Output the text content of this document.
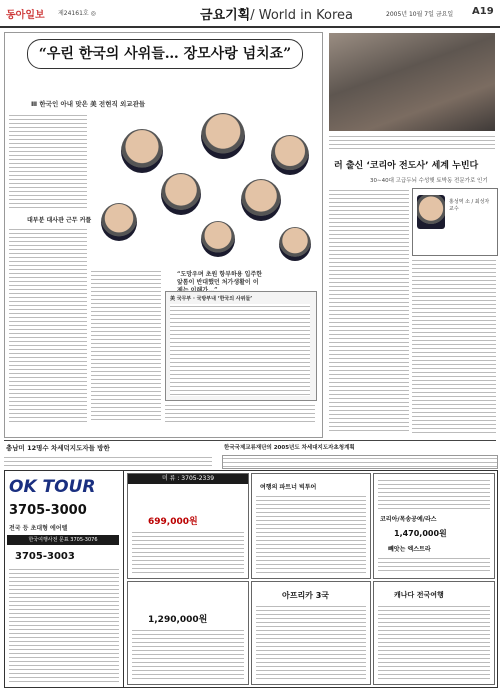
동아일보 제24161호 ◎	금요기획/ World in Korea	2005년 10월 7일 금요일 A19
“우린 한국의 사위들… 장모사랑 넘치죠”
Ⅲ 한국인 아내 맞은 美 전현직 외교관들
대부분 대사관 근무 커플
“도망우며 초원 항부하용 입주한 앞톰이 반대했던 처가생활이 이
美 국무부 · 국방부내 ‘한국의 사위들’
러 출신 ‘코리아 전도사’ 세계 누빈다
30∼40대 고급두뇌 수성햇 토박동 전문가로 인기
홍성역 소 / 최성자 교수
충남미 12명수 차세덕지도자들 방한	한국국제교류재단의 2005년도 차세대지도자초청계획
OK TOUR
3705-3000
전국 등 초대형 에어텔
한국여행사전 문표 3705-3076
3705-3003
미 류 : 3705-2339
699,000원
1,290,000원
여행의 파트너 빅투어
아프리카 3국
코리아/목송공예/라스
1,470,000원
빼앗는 엑스트라
캐나다 전국여행
